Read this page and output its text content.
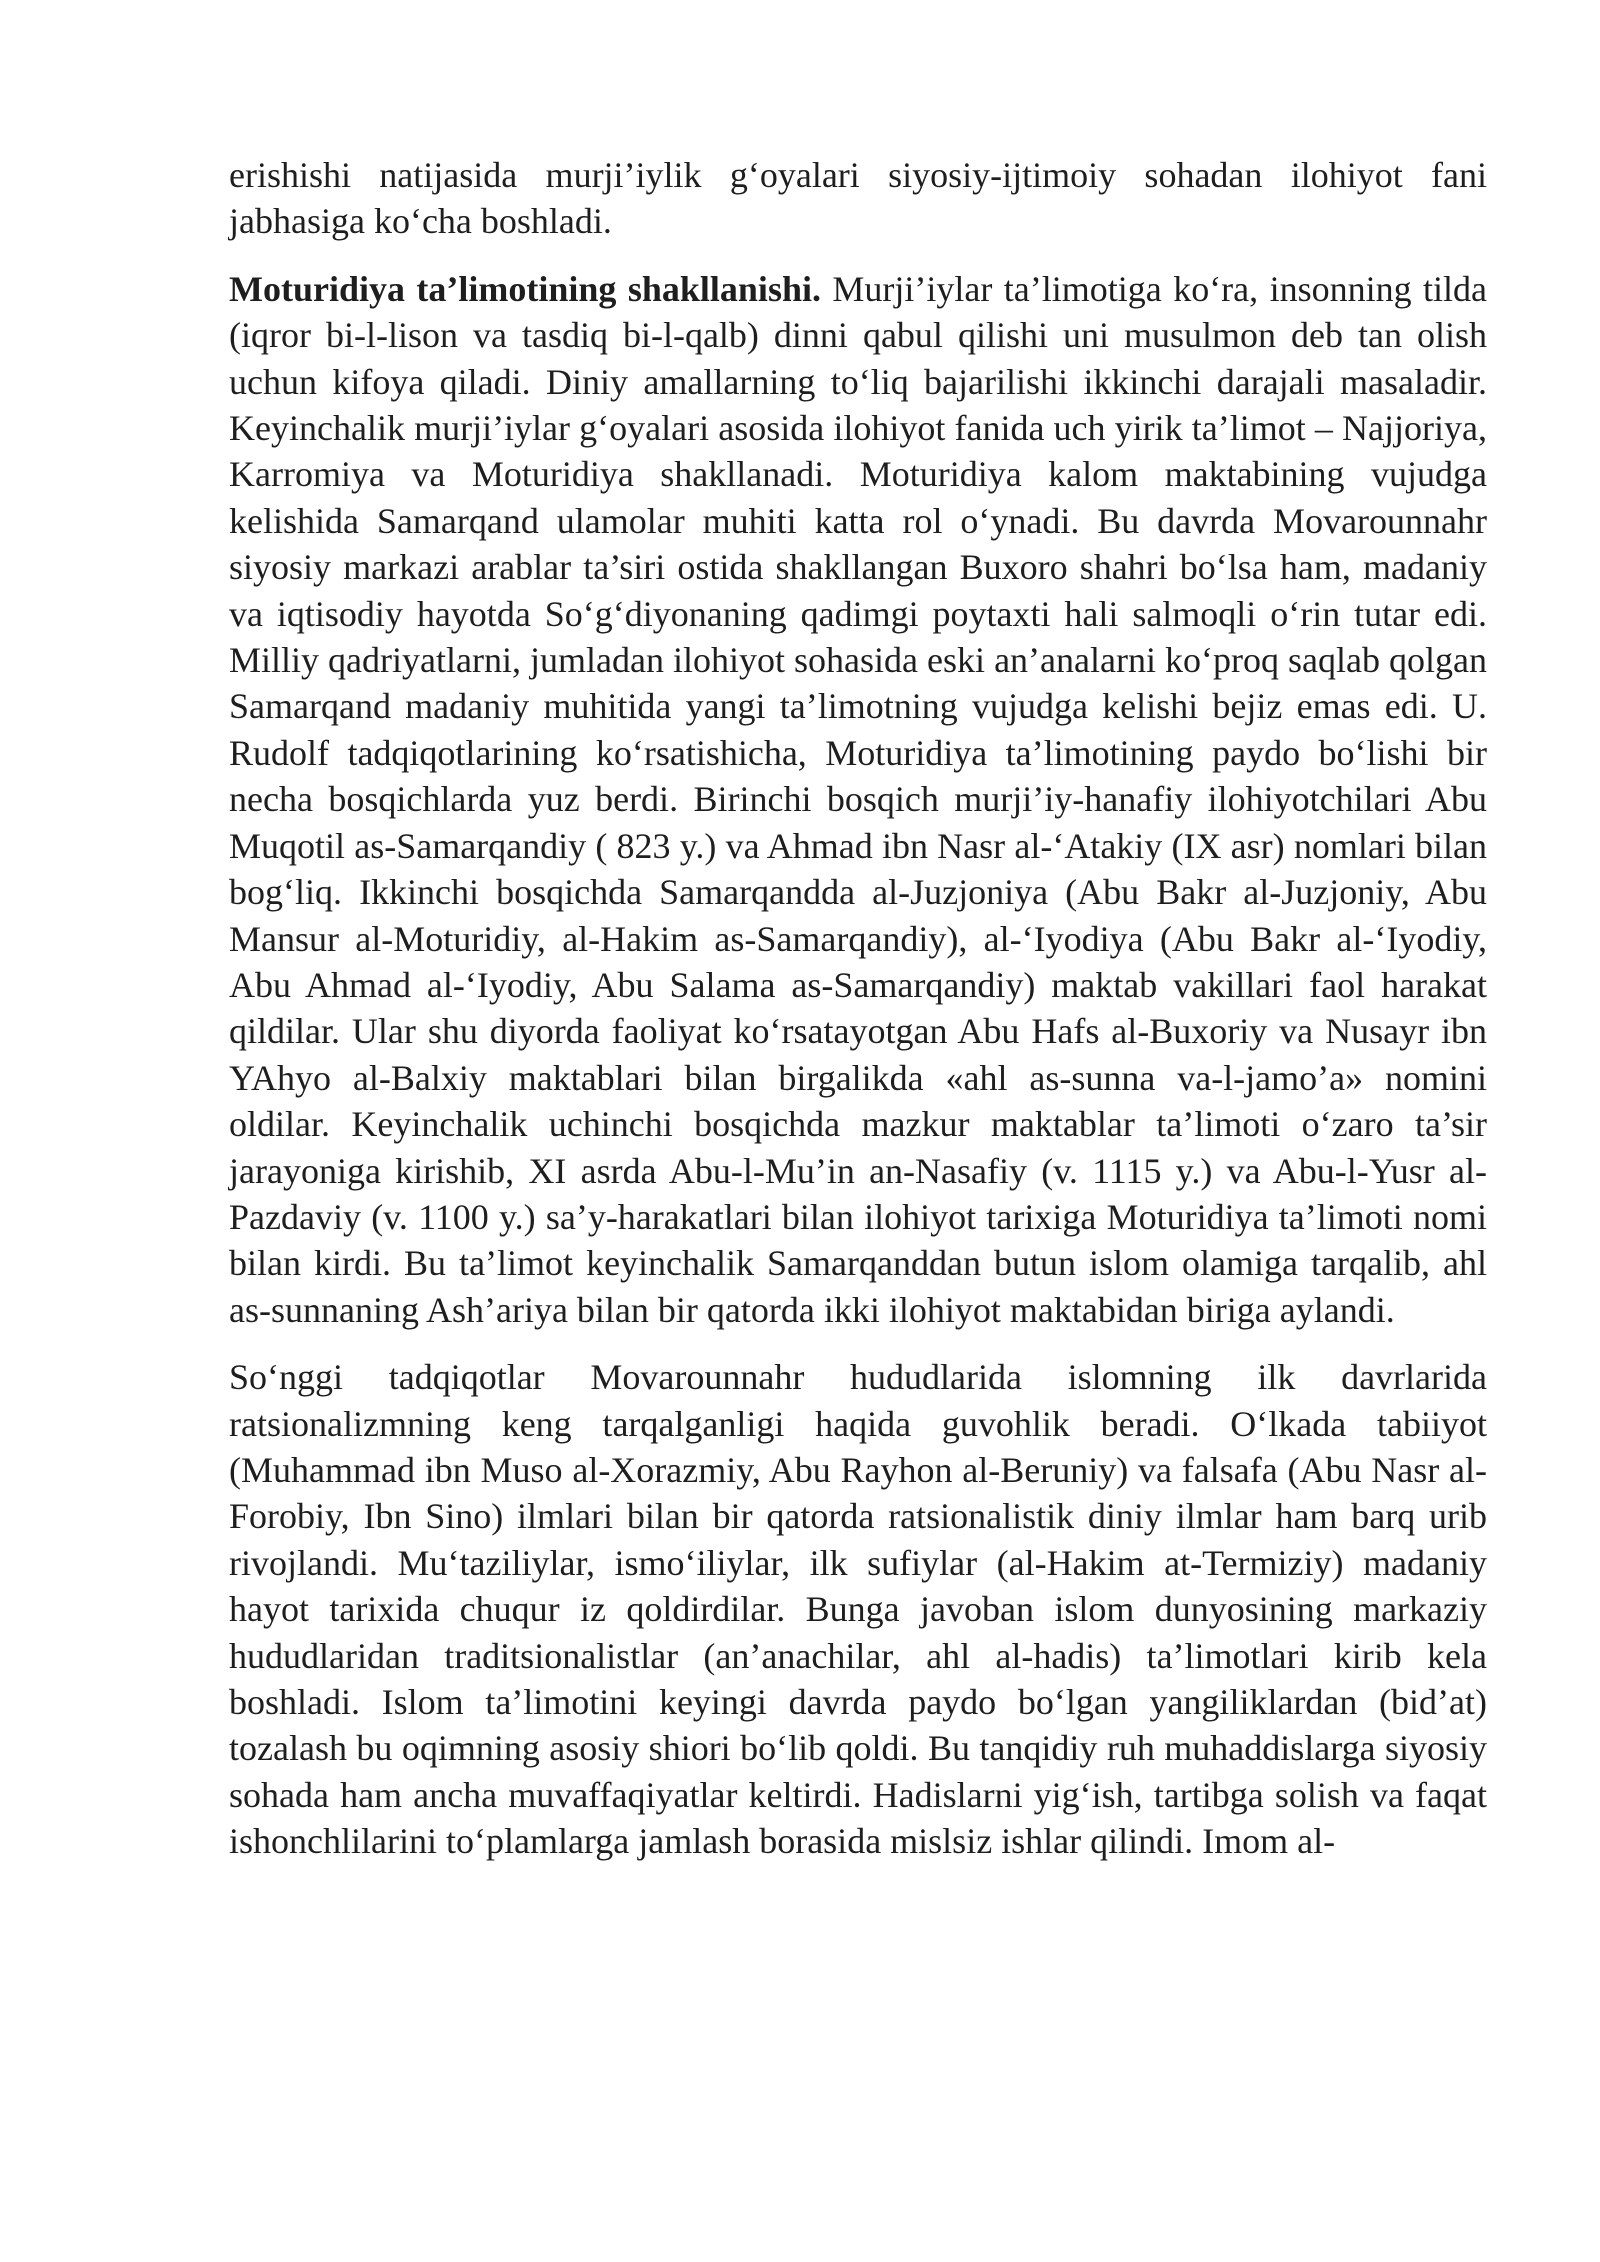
erishishi natijasida murji’iylik g‘oyalari siyosiy-ijtimoiy sohadan ilohiyot fani jabhasiga ko‘cha boshladi.

Moturidiya ta’limotining shakllanishi. Murji’iylar ta’limotiga ko‘ra, insonning tilda (iqror bi-l-lison va tasdiq bi-l-qalb) dinni qabul qilishi uni musulmon deb tan olish uchun kifoya qiladi. Diniy amallarning to‘liq bajarilishi ikkinchi darajali masaladir. Keyinchalik murji’iylar g‘oyalari asosida ilohiyot fanida uch yirik ta’limot – Najjoriya, Karromiya va Moturidiya shakllanadi. Moturidiya kalom maktabining vujudga kelishida Samarqand ulamolar muhiti katta rol o‘ynadi. Bu davrda Movarounnahr siyosiy markazi arablar ta’siri ostida shakllangan Buxoro shahri bo‘lsa ham, madaniy va iqtisodiy hayotda So‘g‘diyonaning qadimgi poytaxti hali salmoqli o‘rin tutar edi. Milliy qadriyatlarni, jumladan ilohiyot sohasida eski an’analarni ko‘proq saqlab qolgan Samarqand madaniy muhitida yangi ta’limotning vujudga kelishi bejiz emas edi. U. Rudolf tadqiqotlarining ko‘rsatishicha, Moturidiya ta’limotining paydo bo‘lishi bir necha bosqichlarda yuz berdi. Birinchi bosqich murji’iy-hanafiy ilohiyotchilari Abu Muqotil as-Samarqandiy ( 823 y.) va Ahmad ibn Nasr al-‘Atakiy (IX asr) nomlari bilan bog‘liq. Ikkinchi bosqichda Samarqandda al-Juzjoniya (Abu Bakr al-Juzjoniy, Abu Mansur al-Moturidiy, al-Hakim as-Samarqandiy), al-‘Iyodiya (Abu Bakr al-‘Iyodiy, Abu Ahmad al-‘Iyodiy, Abu Salama as-Samarqandiy) maktab vakillari faol harakat qildilar. Ular shu diyorda faoliyat ko‘rsatayotgan Abu Hafs al-Buxoriy va Nusayr ibn YAhyo al-Balxiy maktablari bilan birgalikda «ahl as-sunna va-l-jamo’a» nomini oldilar. Keyinchalik uchinchi bosqichda mazkur maktablar ta’limoti o‘zaro ta’sir jarayoniga kirishib, XI asrda Abu-l-Mu’in an-Nasafiy (v. 1115 y.) va Abu-l-Yusr al-Pazdaviy (v. 1100 y.) sa’y-harakatlari bilan ilohiyot tarixiga Moturidiya ta’limoti nomi bilan kirdi. Bu ta’limot keyinchalik Samarqanddan butun islom olamiga tarqalib, ahl as-sunnaning Ash’ariya bilan bir qatorda ikki ilohiyot maktabidan biriga aylandi.

So‘nggi tadqiqotlar Movarounnahr hududlarida islomning ilk davrlarida ratsionalizmning keng tarqalganligi haqida guvohlik beradi. O‘lkada tabiiyot (Muhammad ibn Muso al-Xorazmiy, Abu Rayhon al-Beruniy) va falsafa (Abu Nasr al-Forobiy, Ibn Sino) ilmlari bilan bir qatorda ratsionalistik diniy ilmlar ham barq urib rivojlandi. Mu‘taziliylar, ismo‘iliylar, ilk sufiylar (al-Hakim at-Termiziy) madaniy hayot tarixida chuqur iz qoldirdilar. Bunga javoban islom dunyosining markaziy hududlaridan traditsionalistlar (an’anachilar, ahl al-hadis) ta’limotlari kirib kela boshladi. Islom ta’limotini keyingi davrda paydo bo‘lgan yangiliklardan (bid’at) tozalash bu oqimning asosiy shiori bo‘lib qoldi. Bu tanqidiy ruh muhaddislarga siyosiy sohada ham ancha muvaffaqiyatlar keltirdi. Hadislarni yig‘ish, tartibga solish va faqat ishonchlilarini to‘plamlarga jamlash borasida mislsiz ishlar qilindi. Imom al-
